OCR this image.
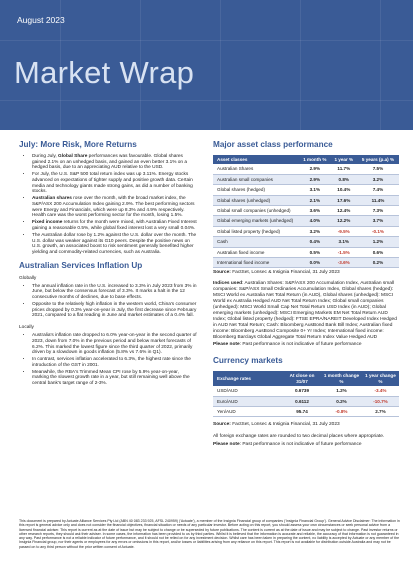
August 2023
Market Wrap
July: More Risk, More Returns
• During July, Global Share performances was favourable. Global shares gained 2.1% on an unhedged basis, and gained an even better 3.1% on a hedged basis, due to an appreciating AUD relative to the USD.
• For July, the U.S. S&P 500 total return index was up 3.11%. Energy stocks advanced on expectations of tighter supply and positive growth data. Certain media and technology giants made strong gains, as did a number of banking stocks.
• Australian shares rose over the month, with the broad market index, the S&P/ASX 200 Accumulation Index gaining 2.9%. The best performing sectors were Energy and Financials, which were up 8.3% and 4.9% respectively. Health care was the worst performing sector for the month, losing 1.5%.
• Fixed income returns for the month were mixed, with Australian Fixed Interest gaining a reasonable 0.5%, while global fixed interest lost a very small 0.04%.
• The Australian dollar rose by 1.2% against the U.S. dollar over the month. The U.S. dollar was weaker against its G10 peers. Despite the positive news on U.S. growth, an associated boost to risk sentiment generally benefited higher yielding and commodity-related currencies, such as Australia.
Australian Services Inflation Up
Globally
• The annual inflation rate in the U.S. increased to 3.3% in July 2023 from 3% in June, but below the consensus forecast of 3.3%. It marks a halt in the 12 consecutive months of declines, due to base effects.
• Opposite to the relatively high inflation in the western world, China's consumer prices dropped by 0.3% year-on-year in July, the first decrease since February 2021, compared to a flat reading in June and market estimates of a 0.4% fall.
Locally
• Australia's inflation rate dropped to 6.0% year-on-year in the second quarter of 2023, down from 7.0% in the previous period and below market forecasts of 6.2%. This marked the lowest figure since the third quarter of 2022, primarily driven by a slowdown in goods inflation (5.8% vs 7.6% in Q1).
• In contrast, services inflation accelerated to 6.3%, the highest rate since the introduction of the GST in 2001.
• Meanwhile, the RBA's Trimmed Mean CPI rose by 5.9% year-on-year, marking the slowest growth rate in a year, but still remaining well above the central bank's target range of 2-3%.
Major asset class performance
Asset classes	1 month %	1 year %	5 years (p.a) %
Australian Shares	2.9%	11.7%	7.5%
Australian small companies	2.9%	0.8%	3.2%
Global shares (hedged)	3.1%	10.4%	7.4%
Global shares (unhedged)	2.1%	17.6%	11.4%
Global small companies (unhedged)	3.6%	12.4%	7.3%
Global emerging markets (unhedged)	4.0%	12.2%	3.7%
Global listed property (hedged)	3.2%	-9.5%	-0.1%
Cash	0.4%	3.1%	1.2%
Australian fixed income	0.5%	-1.5%	0.6%
International fixed income	0.0%	-3.6%	0.2%

Source: FactSet, Lonsec & Insignia Financial, 31 July 2023

Indices used: Australian Shares: S&P/ASX 200 Accumulation Index, Australian small companies: S&P/ASX Small Ordinaries Accumulation Index, Global shares (hedged): MSCI World ex Australia Net Total Return (in AUD), Global shares (unhedged): MSCI World ex Australia Hedged AUD Net Total Return Index; Global small companies (unhedged): MSCI World Small Cap Net Total Return USD Index (in AUD); Global emerging markets (unhedged): MSCI Emerging Markets EM Net Total Return AUD Index; Global listed property (hedged): FTSE EPRA/NAREIT Developed Index Hedged in AUD Net Total Return; Cash: Bloomberg AusBond Bank Bill Index; Australian fixed income: Bloomberg AusBond Composite 0+ Yr Index; International fixed income: Bloomberg Barclays Global Aggregate Total Return Index Value Hedged AUD

Please note: Past performance is not indicative of future performance

Currency markets
Exchange rates	At close on 31/07	1 month change %	1 year change %
USD/AUD	0.6739	1.2%	-3.4%
Euro/AUD	0.6112	0.2%	-10.7%
Yen/AUD	95.74	-0.8%	2.7%

Source: FactSet, Lonsec & Insignia Financial, 31 July 2023

All foreign exchange rates are rounded to two decimal places where appropriate.

Please note: Past performance is not indicative of future performance

This document is prepared by Actuate Alliance Services Pty Ltd (ABN 40 083 233 925, AFSL 240959) ('Actuate'), a member of the Insignia Financial group of companies ('Insignia Financial Group'). General Advice Disclaimer: The information in this report is general advice only and does not consider the financial objectives, financial situation or needs of any particular investor. Before acting on this report, you should assess your own circumstances or seek personal advice from a licensed financial adviser. This report is current as at the date of issue but may be subject to change or be superseded by future publications. The content is current as at the date of issue and may be subject to change. Past investor returns or other research reports, they should ask their adviser. In some cases, the information has been provided to us by third parties. Whilst it is believed that the information is accurate and reliable, the accuracy of that information is not guaranteed in any way. Past performance is not a reliable indicator of future performance, and it should not be relied on for any investment decision. Whilst care has been taken in preparing the content, no liability is accepted by Actuate or any member of the Insignia Financial group, nor their agents or employees for any errors or omissions in this report, and/or losses or liabilities arising from any reliance on this report. This report is not available for distribution outside Australia and may not be passed on to any third person without the prior written consent of Actuate.
